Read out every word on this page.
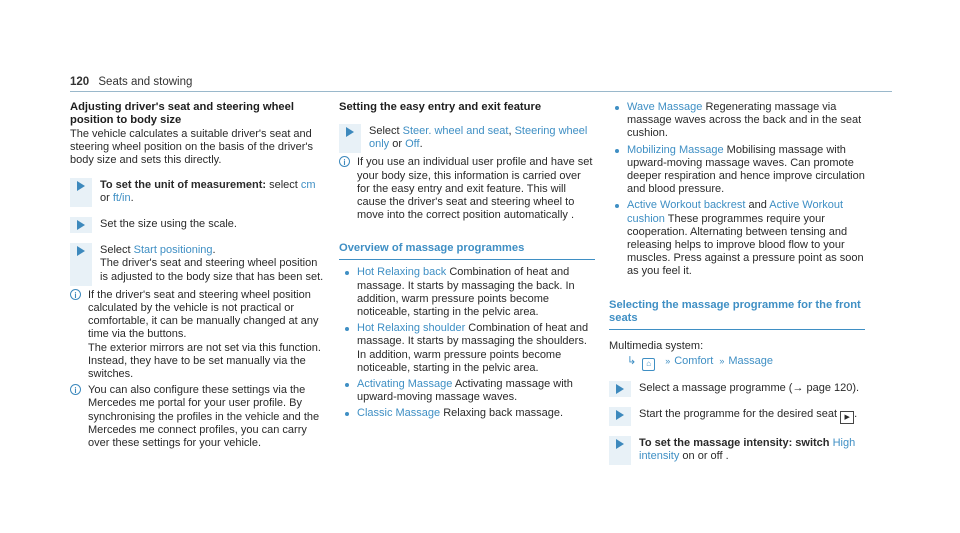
120 Seats and stowing
Adjusting driver's seat and steering wheel position to body size

The vehicle calculates a suitable driver's seat and steering wheel position on the basis of the driver's body size and sets this directly.

To set the unit of measurement: select cm or ft/in.
Set the size using the scale.
Select Start positioning.
The driver's seat and steering wheel position is adjusted to the body size that has been set.
i	If the driver's seat and steering wheel position calculated by the vehicle is not practical or comfortable, it can be manually changed at any time via the buttons.
The exterior mirrors are not set via this function. Instead, they have to be set manually via the switches.
i	You can also configure these settings via the Mercedes me portal for your user profile. By synchronising the profiles in the vehicle and the Mercedes me connect profiles, you can carry over these settings for your vehicle.
Setting the easy entry and exit feature
Select Steer. wheel and seat, Steering wheel only or Off.
i	If you use an individual user profile and have set your body size, this information is carried over for the easy entry and exit feature. This will cause the driver's seat and steering wheel to move into the correct position automatically .
Overview of massage programmes
Hot Relaxing back Combination of heat and massage. It starts by massaging the back. In addition, warm pressure points become noticeable, starting in the pelvic area.
Hot Relaxing shoulder Combination of heat and massage. It starts by massaging the shoulders. In addition, warm pressure points become noticeable, starting in the pelvic area.
Activating Massage Activating massage with upward-moving massage waves.
Classic Massage Relaxing back massage.
Wave Massage Regenerating massage via massage waves across the back and in the seat cushion.
Mobilizing Massage Mobilising massage with upward-moving massage waves. Can promote deeper respiration and hence improve circulation and blood pressure.
Active Workout backrest and Active Workout cushion These programmes require your cooperation. Alternating between tensing and releasing helps to improve blood flow to your muscles. Press against a pressure point as soon as you feel it.
Selecting the massage programme for the front seats
Multimedia system:
↳ ⌂ » Comfort » Massage
Select a massage programme (→ page 120).
Start the programme for the desired seat ▶ .
To set the massage intensity: switch High intensity on or off .
